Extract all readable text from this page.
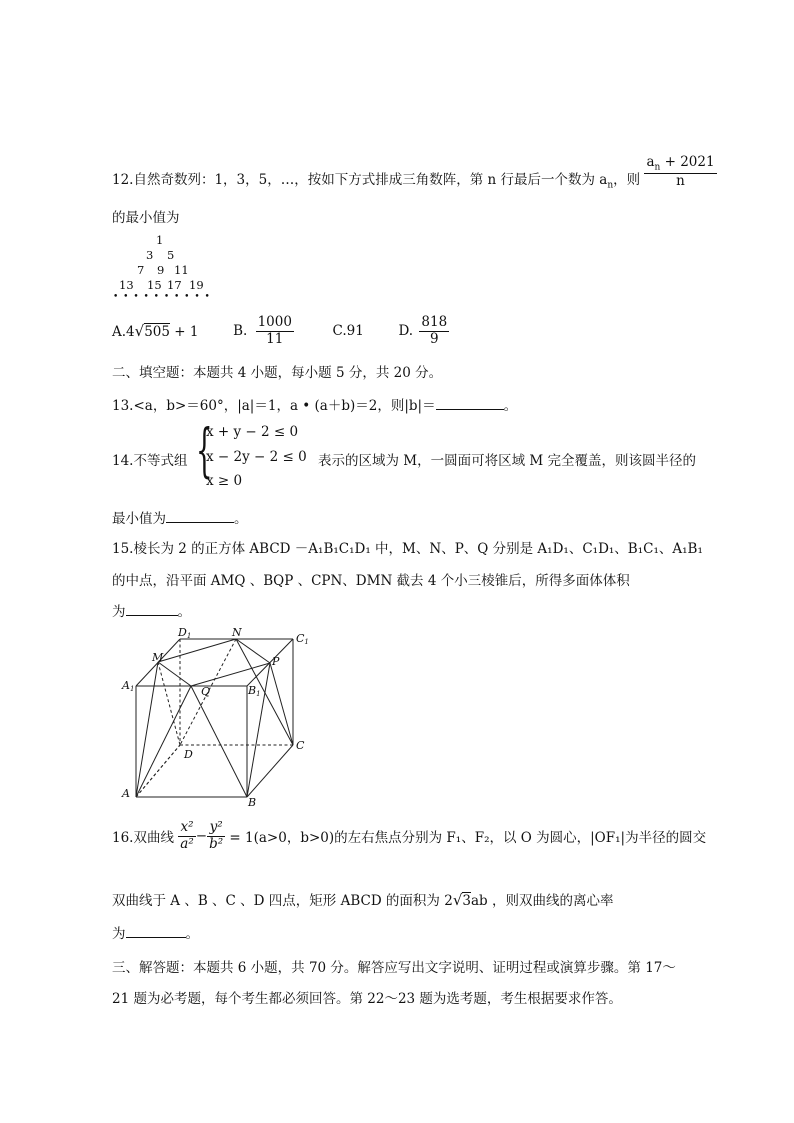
12.自然奇数列：1，3，5，…，按如下方式排成三角数阵，第 n 行最后一个数为 $a_n$，则 $\frac{a_n + 2021}{n}$
的最小值为
1
3 5
7 9 11
13 15 17 19
• • • • • • • • • •
A.4√505 + 1	B. $\frac{1000}{11}$	C.91	D. $\frac{818}{9}$
二、填空题：本题共 4 小题，每小题 5 分，共 20 分。
13.<a，b>＝60°，|a|＝1，a • (a＋b)＝2，则|b|＝	。
14.不等式组 {
x + y − 2 ≤ 0
x − 2y − 2 ≤ 0
x ≥ 0
表示的区域为 M，一圆面可将区域 M 完全覆盖，则该圆半径的
最小值为	。
15.棱长为 2 的正方体 ABCD －A₁B₁C₁D₁ 中，M、N、P、Q 分别是 A₁D₁、C₁D₁、B₁C₁、A₁B₁
的中点，沿平面 AMQ 、BQP 、CPN、DMN 截去 4 个小三棱锥后，所得多面体体积
为	。
D1	N	C1
M	P
A1	Q	B1
C
D
A
B
16.双曲线 $\frac{\text{x²}}{\text{a²}} - \frac{\text{y²}}{\text{b²}} = 1(a>0$，b>0)的左右焦点分别为 F₁、F₂，以 O 为圆心，|OF₁|为半径的圆交
双曲线于 A 、B 、C 、D 四点，矩形 ABCD 的面积为 2√3ab ，则双曲线的离心率
为	。
三、解答题：本题共 6 小题，共 70 分。解答应写出文字说明、证明过程或演算步骤。第 17～
21 题为必考题，每个考生都必须回答。第 22～23 题为选考题，考生根据要求作答。
